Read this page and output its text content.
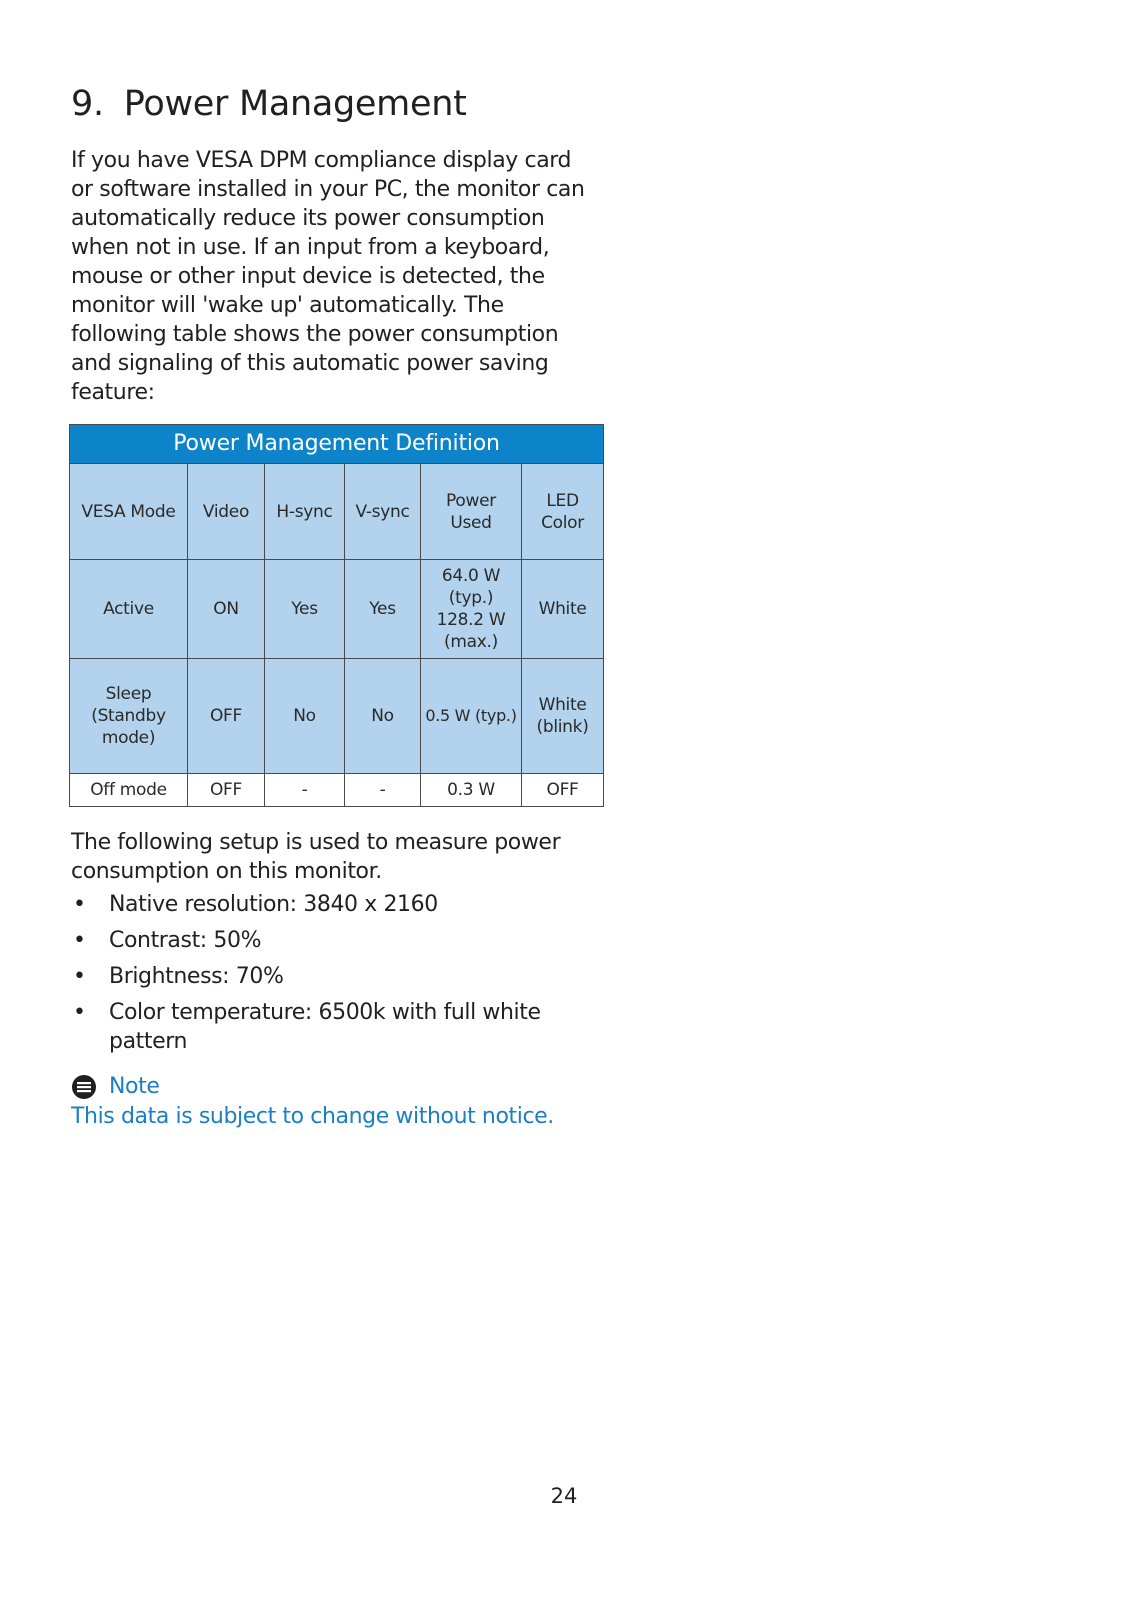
9. Power Management

If you have VESA DPM compliance display card or software installed in your PC, the monitor can automatically reduce its power consumption when not in use. If an input from a keyboard, mouse or other input device is detected, the monitor will 'wake up' automatically. The following table shows the power consumption and signaling of this automatic power saving feature:

Power Management Definition					
VESA Mode	Video	H-sync	V-sync	Power Used	LED Color
Active	ON	Yes	Yes	64.0 W (typ.) 128.2 W (max.)	White
Sleep (Standby mode)	OFF	No	No	0.5 W (typ.)	White (blink)
Off mode	OFF	-	-	0.3 W	OFF

The following setup is used to measure power consumption on this monitor.

• Native resolution: 3840 x 2160
• Contrast: 50%
• Brightness: 70%
• Color temperature: 6500k with full white pattern
Note
This data is subject to change without notice.
24
